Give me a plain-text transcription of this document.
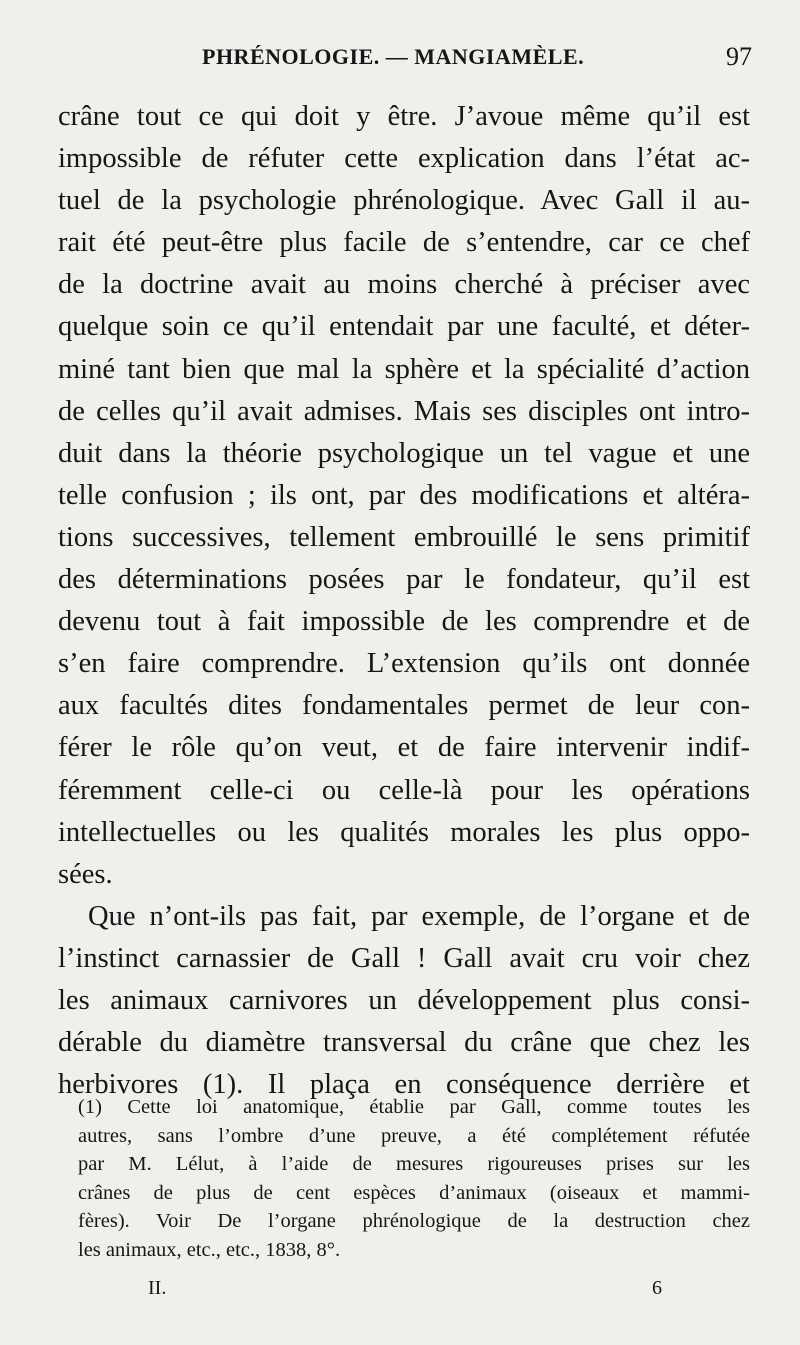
PHRÉNOLOGIE. — MANGIAMÈLE.	97
crâne tout ce qui doit y être. J’avoue même qu’il est
impossible de réfuter cette explication dans l’état ac-
tuel de la psychologie phrénologique. Avec Gall il au-
rait été peut-être plus facile de s’entendre, car ce chef
de la doctrine avait au moins cherché à préciser avec
quelque soin ce qu’il entendait par une faculté, et déter-
miné tant bien que mal la sphère et la spécialité d’action
de celles qu’il avait admises. Mais ses disciples ont intro-
duit dans la théorie psychologique un tel vague et une
telle confusion ; ils ont, par des modifications et altéra-
tions successives, tellement embrouillé le sens primitif
des déterminations posées par le fondateur, qu’il est
devenu tout à fait impossible de les comprendre et de
s’en faire comprendre. L’extension qu’ils ont donnée
aux facultés dites fondamentales permet de leur con-
férer le rôle qu’on veut, et de faire intervenir indif-
féremment celle-ci ou celle-là pour les opérations
intellectuelles ou les qualités morales les plus oppo-
sées.
Que n’ont-ils pas fait, par exemple, de l’organe et de
l’instinct carnassier de Gall ! Gall avait cru voir chez
les animaux carnivores un développement plus consi-
dérable du diamètre transversal du crâne que chez les
herbivores (1). Il plaça en conséquence derrière et
(1) Cette loi anatomique, établie par Gall, comme toutes les
autres, sans l’ombre d’une preuve, a été complétement réfutée
par M. Lélut, à l’aide de mesures rigoureuses prises sur les
crânes de plus de cent espèces d’animaux (oiseaux et mammi-
fères). Voir De l’organe phrénologique de la destruction chez
les animaux, etc., etc., 1838, 8°.
II.	6
